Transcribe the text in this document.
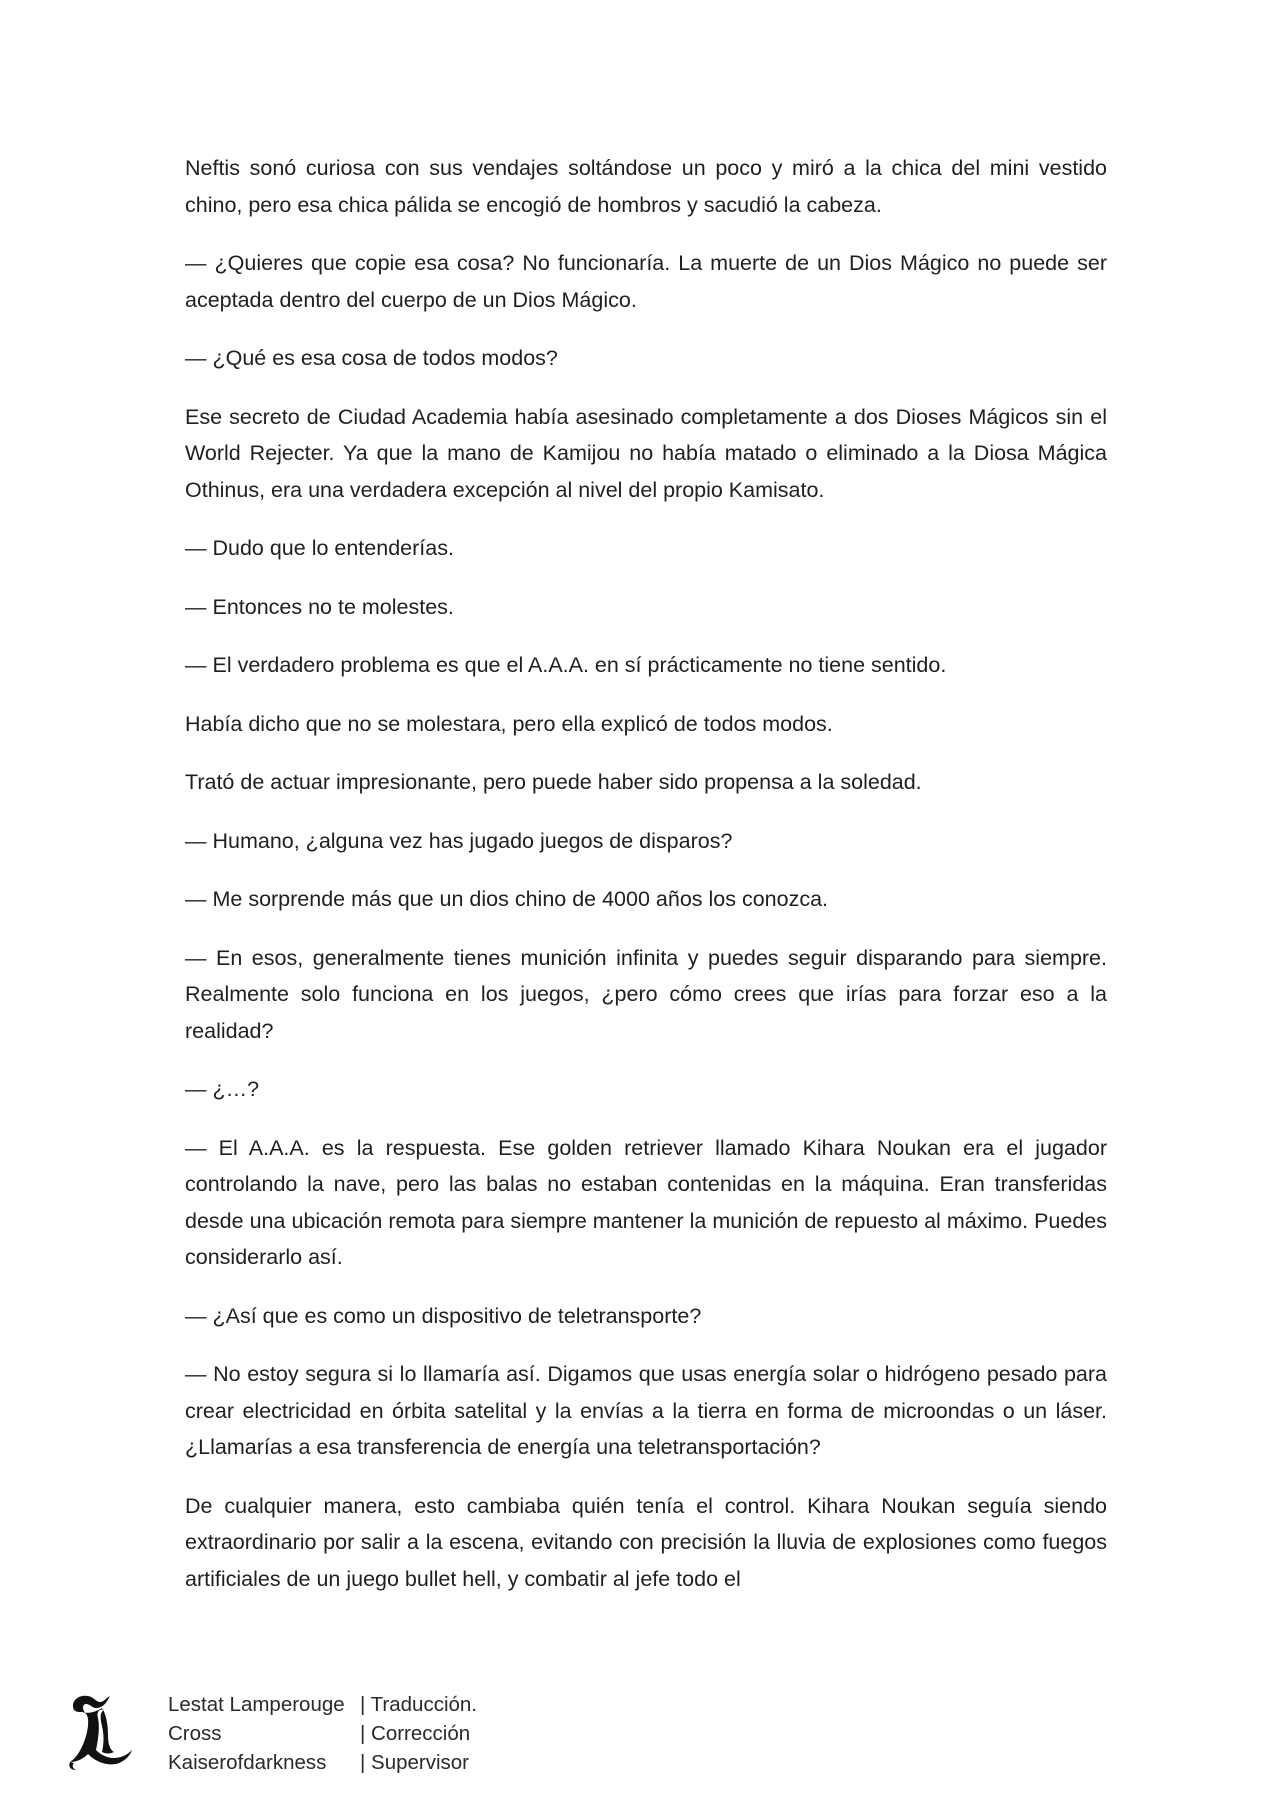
Neftis sonó curiosa con sus vendajes soltándose un poco y miró a la chica del mini vestido chino, pero esa chica pálida se encogió de hombros y sacudió la cabeza.

— ¿Quieres que copie esa cosa? No funcionaría. La muerte de un Dios Mágico no puede ser aceptada dentro del cuerpo de un Dios Mágico.

— ¿Qué es esa cosa de todos modos?

Ese secreto de Ciudad Academia había asesinado completamente a dos Dioses Mágicos sin el World Rejecter. Ya que la mano de Kamijou no había matado o eliminado a la Diosa Mágica Othinus, era una verdadera excepción al nivel del propio Kamisato.

— Dudo que lo entenderías.

— Entonces no te molestes.

— El verdadero problema es que el A.A.A. en sí prácticamente no tiene sentido.

Había dicho que no se molestara, pero ella explicó de todos modos.

Trató de actuar impresionante, pero puede haber sido propensa a la soledad.

— Humano, ¿alguna vez has jugado juegos de disparos?

— Me sorprende más que un dios chino de 4000 años los conozca.

— En esos, generalmente tienes munición infinita y puedes seguir disparando para siempre. Realmente solo funciona en los juegos, ¿pero cómo crees que irías para forzar eso a la realidad?

— ¿…?

— El A.A.A. es la respuesta. Ese golden retriever llamado Kihara Noukan era el jugador controlando la nave, pero las balas no estaban contenidas en la máquina. Eran transferidas desde una ubicación remota para siempre mantener la munición de repuesto al máximo. Puedes considerarlo así.

— ¿Así que es como un dispositivo de teletransporte?

— No estoy segura si lo llamaría así. Digamos que usas energía solar o hidrógeno pesado para crear electricidad en órbita satelital y la envías a la tierra en forma de microondas o un láser. ¿Llamarías a esa transferencia de energía una teletransportación?

De cualquier manera, esto cambiaba quién tenía el control. Kihara Noukan seguía siendo extraordinario por salir a la escena, evitando con precisión la lluvia de explosiones como fuegos artificiales de un juego bullet hell, y combatir al jefe todo el

Lestat Lamperouge | Traducción.
Cross	| Corrección
Kaiserofdarkness	| Supervisor
